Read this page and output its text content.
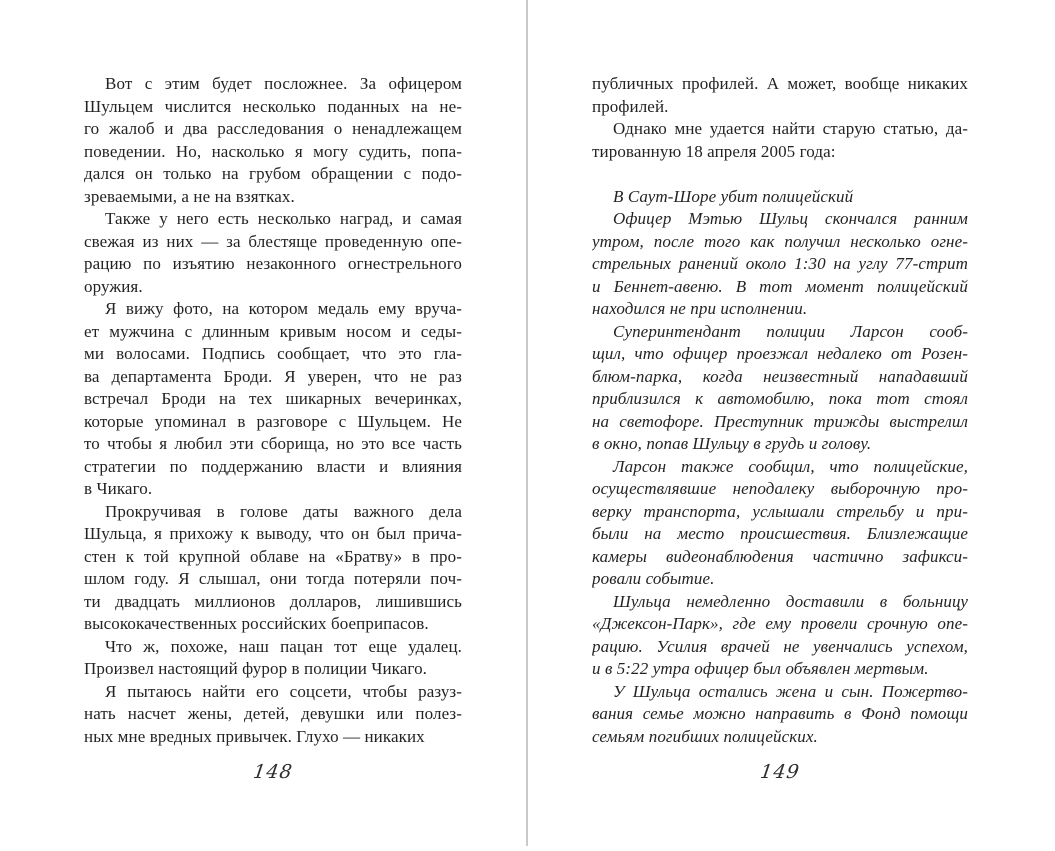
Вот с этим будет посложнее. За офицером
Шульцем числится несколько поданных на не-
го жалоб и два расследования о ненадлежащем
поведении. Но, насколько я могу судить, попа-
дался он только на грубом обращении с подо-
зреваемыми, а не на взятках.
Также у него есть несколько наград, и самая
свежая из них — за блестяще проведенную опе-
рацию по изъятию незаконного огнестрельного
оружия.
Я вижу фото, на котором медаль ему вруча-
ет мужчина с длинным кривым носом и седы-
ми волосами. Подпись сообщает, что это гла-
ва департамента Броди. Я уверен, что не раз
встречал Броди на тех шикарных вечеринках,
которые упоминал в разговоре с Шульцем. Не
то чтобы я любил эти сборища, но это все часть
стратегии по поддержанию власти и влияния
в Чикаго.
Прокручивая в голове даты важного дела
Шульца, я прихожу к выводу, что он был прича-
стен к той крупной облаве на «Братву» в про-
шлом году. Я слышал, они тогда потеряли поч-
ти двадцать миллионов долларов, лишившись
высококачественных российских боеприпасов.
Что ж, похоже, наш пацан тот еще удалец.
Произвел настоящий фурор в полиции Чикаго.
Я пытаюсь найти его соцсети, чтобы разуз-
нать насчет жены, детей, девушки или полез-
ных мне вредных привычек. Глухо — никаких
публичных профилей. А может, вообще никаких
профилей.
Однако мне удается найти старую статью, да-
тированную 18 апреля 2005 года:
В Саут-Шоре убит полицейский
Офицер Мэтью Шульц скончался ранним
утром, после того как получил несколько огне-
стрельных ранений около 1:30 на углу 77-стрит
и Беннет-авеню. В тот момент полицейский
находился не при исполнении.
Суперинтендант полиции Ларсон сооб-
щил, что офицер проезжал недалеко от Розен-
блюм-парка, когда неизвестный нападавший
приблизился к автомобилю, пока тот стоял
на светофоре. Преступник трижды выстрелил
в окно, попав Шульцу в грудь и голову.
Ларсон также сообщил, что полицейские,
осуществлявшие неподалеку выборочную про-
верку транспорта, услышали стрельбу и при-
были на место происшествия. Близлежащие
камеры видеонаблюдения частично зафикси-
ровали событие.
Шульца немедленно доставили в больницу
«Джексон-Парк», где ему провели срочную опе-
рацию. Усилия врачей не увенчались успехом,
и в 5:22 утра офицер был объявлен мертвым.
У Шульца остались жена и сын. Пожертво-
вания семье можно направить в Фонд помощи
семьям погибших полицейских.
148	149
